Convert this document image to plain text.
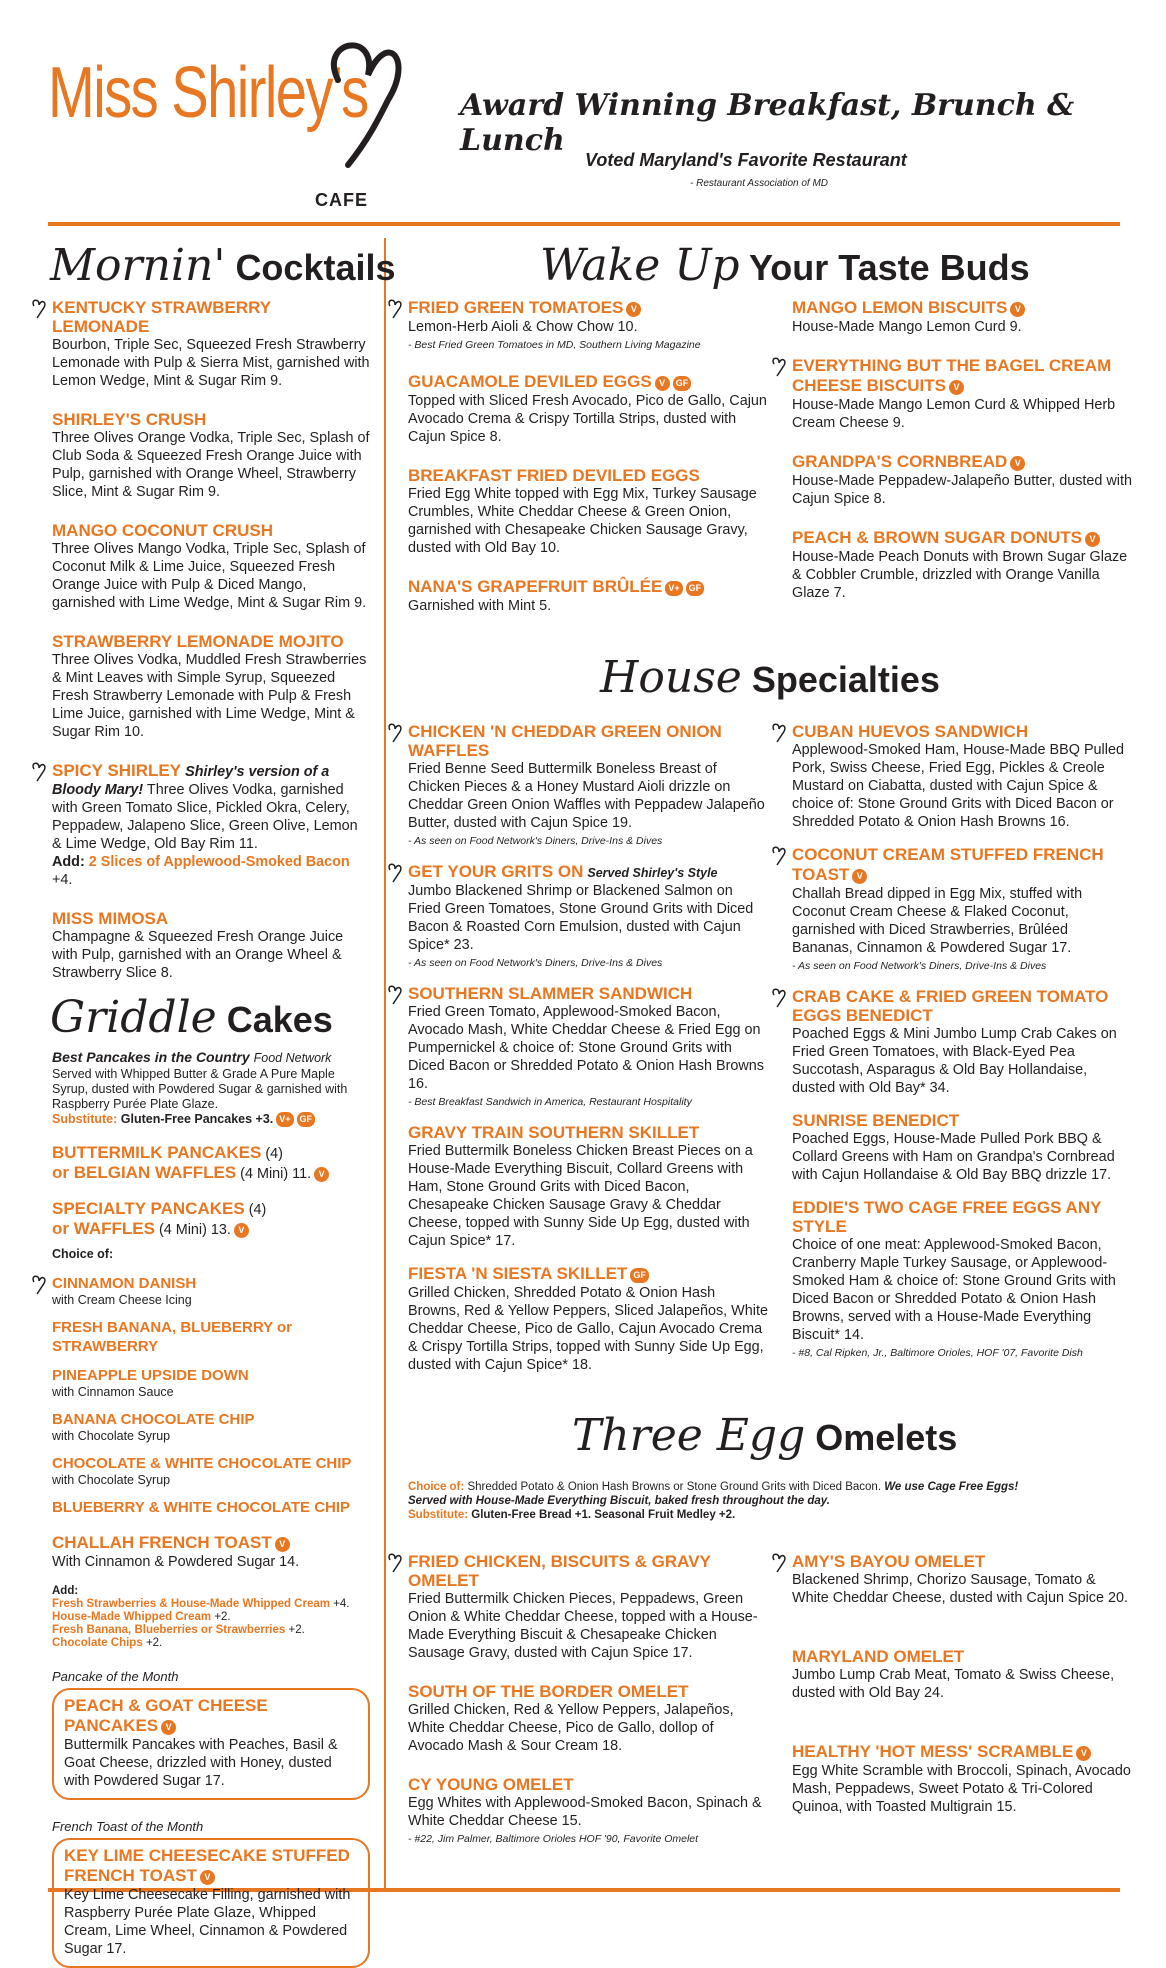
Miss Shirley's
CAFE
Award Winning Breakfast, Brunch & Lunch
Voted Maryland's Favorite Restaurant
- Restaurant Association of MD
Mornin' Cocktails	Wake Up Your Taste Buds
Griddle Cakes
House Specialties
Three Egg Omelets
KENTUCKY STRAWBERRY LEMONADE
Bourbon, Triple Sec, Squeezed Fresh Strawberry Lemonade with Pulp & Sierra Mist, garnished with Lemon Wedge, Mint & Sugar Rim 9.
SHIRLEY'S CRUSH
Three Olives Orange Vodka, Triple Sec, Splash of Club Soda & Squeezed Fresh Orange Juice with Pulp, garnished with Orange Wheel, Strawberry Slice, Mint & Sugar Rim 9.
MANGO COCONUT CRUSH
Three Olives Mango Vodka, Triple Sec, Splash of Coconut Milk & Lime Juice, Squeezed Fresh Orange Juice with Pulp & Diced Mango, garnished with Lime Wedge, Mint & Sugar Rim 9.
STRAWBERRY LEMONADE MOJITO
Three Olives Vodka, Muddled Fresh Strawberries & Mint Leaves with Simple Syrup, Squeezed Fresh Strawberry Lemonade with Pulp & Fresh Lime Juice, garnished with Lime Wedge, Mint & Sugar Rim 10.
SPICY SHIRLEY Shirley's version of a Bloody Mary! Three Olives Vodka, garnished with Green Tomato Slice, Pickled Okra, Celery, Peppadew, Jalapeno Slice, Green Olive, Lemon & Lime Wedge, Old Bay Rim 11.
Add: 2 Slices of Applewood-Smoked Bacon +4.
MISS MIMOSA
Champagne & Squeezed Fresh Orange Juice with Pulp, garnished with an Orange Wheel & Strawberry Slice 8.
Best Pancakes in the Country Food Network
Served with Whipped Butter & Grade A Pure Maple Syrup, dusted with Powdered Sugar & garnished with Raspberry Purée Plate Glaze.
Substitute: Gluten-Free Pancakes +3. V+ GF
BUTTERMILK PANCAKES (4)
or BELGIAN WAFFLES (4 Mini) 11. V
SPECIALTY PANCAKES (4)
or WAFFLES (4 Mini) 13. V
Choice of:
CINNAMON DANISH
with Cream Cheese Icing
FRESH BANANA, BLUEBERRY or STRAWBERRY
PINEAPPLE UPSIDE DOWN
with Cinnamon Sauce
BANANA CHOCOLATE CHIP
with Chocolate Syrup
CHOCOLATE & WHITE CHOCOLATE CHIP
with Chocolate Syrup
BLUEBERRY & WHITE CHOCOLATE CHIP
CHALLAH FRENCH TOAST V
With Cinnamon & Powdered Sugar 14.
Add:
Fresh Strawberries & House-Made Whipped Cream +4.
House-Made Whipped Cream +2.
Fresh Banana, Blueberries or Strawberries +2.
Chocolate Chips +2.
Pancake of the Month
PEACH & GOAT CHEESE PANCAKES V
Buttermilk Pancakes with Peaches, Basil & Goat Cheese, drizzled with Honey, dusted with Powdered Sugar 17.
French Toast of the Month
KEY LIME CHEESECAKE STUFFED FRENCH TOAST V
Key Lime Cheesecake Filling, garnished with Raspberry Purée Plate Glaze, Whipped Cream, Lime Wheel, Cinnamon & Powdered Sugar 17.
FRIED GREEN TOMATOES V
Lemon-Herb Aioli & Chow Chow 10.
- Best Fried Green Tomatoes in MD, Southern Living Magazine
GUACAMOLE DEVILED EGGS V GF
Topped with Sliced Fresh Avocado, Pico de Gallo, Cajun Avocado Crema & Crispy Tortilla Strips, dusted with Cajun Spice 8.
BREAKFAST FRIED DEVILED EGGS
Fried Egg White topped with Egg Mix, Turkey Sausage Crumbles, White Cheddar Cheese & Green Onion, garnished with Chesapeake Chicken Sausage Gravy, dusted with Old Bay 10.
NANA'S GRAPEFRUIT BRÛLÉE V+ GF
Garnished with Mint 5.
MANGO LEMON BISCUITS V
House-Made Mango Lemon Curd 9.
EVERYTHING BUT THE BAGEL CREAM CHEESE BISCUITS V
House-Made Mango Lemon Curd & Whipped Herb Cream Cheese 9.
GRANDPA'S CORNBREAD V
House-Made Peppadew-Jalapeño Butter, dusted with Cajun Spice 8.
PEACH & BROWN SUGAR DONUTS V
House-Made Peach Donuts with Brown Sugar Glaze & Cobbler Crumble, drizzled with Orange Vanilla Glaze 7.
CHICKEN 'N CHEDDAR GREEN ONION WAFFLES
Fried Benne Seed Buttermilk Boneless Breast of Chicken Pieces & a Honey Mustard Aioli drizzle on Cheddar Green Onion Waffles with Peppadew Jalapeño Butter, dusted with Cajun Spice 19.
- As seen on Food Network's Diners, Drive-Ins & Dives
GET YOUR GRITS ON Served Shirley's Style
Jumbo Blackened Shrimp or Blackened Salmon on Fried Green Tomatoes, Stone Ground Grits with Diced Bacon & Roasted Corn Emulsion, dusted with Cajun Spice* 23.
- As seen on Food Network's Diners, Drive-Ins & Dives
SOUTHERN SLAMMER SANDWICH
Fried Green Tomato, Applewood-Smoked Bacon, Avocado Mash, White Cheddar Cheese & Fried Egg on Pumpernickel & choice of: Stone Ground Grits with Diced Bacon or Shredded Potato & Onion Hash Browns 16.
- Best Breakfast Sandwich in America, Restaurant Hospitality
GRAVY TRAIN SOUTHERN SKILLET
Fried Buttermilk Boneless Chicken Breast Pieces on a House-Made Everything Biscuit, Collard Greens with Ham, Stone Ground Grits with Diced Bacon, Chesapeake Chicken Sausage Gravy & Cheddar Cheese, topped with Sunny Side Up Egg, dusted with Cajun Spice* 17.
FIESTA 'N SIESTA SKILLET GF
Grilled Chicken, Shredded Potato & Onion Hash Browns, Red & Yellow Peppers, Sliced Jalapeños, White Cheddar Cheese, Pico de Gallo, Cajun Avocado Crema & Crispy Tortilla Strips, topped with Sunny Side Up Egg, dusted with Cajun Spice* 18.
CUBAN HUEVOS SANDWICH
Applewood-Smoked Ham, House-Made BBQ Pulled Pork, Swiss Cheese, Fried Egg, Pickles & Creole Mustard on Ciabatta, dusted with Cajun Spice & choice of: Stone Ground Grits with Diced Bacon or Shredded Potato & Onion Hash Browns 16.
COCONUT CREAM STUFFED FRENCH TOAST V
Challah Bread dipped in Egg Mix, stuffed with Coconut Cream Cheese & Flaked Coconut, garnished with Diced Strawberries, Brûléed Bananas, Cinnamon & Powdered Sugar 17.
- As seen on Food Network's Diners, Drive-Ins & Dives
CRAB CAKE & FRIED GREEN TOMATO EGGS BENEDICT
Poached Eggs & Mini Jumbo Lump Crab Cakes on Fried Green Tomatoes, with Black-Eyed Pea Succotash, Asparagus & Old Bay Hollandaise, dusted with Old Bay* 34.
SUNRISE BENEDICT
Poached Eggs, House-Made Pulled Pork BBQ & Collard Greens with Ham on Grandpa's Cornbread with Cajun Hollandaise & Old Bay BBQ drizzle 17.
EDDIE'S TWO CAGE FREE EGGS ANY STYLE
Choice of one meat: Applewood-Smoked Bacon, Cranberry Maple Turkey Sausage, or Applewood-Smoked Ham & choice of: Stone Ground Grits with Diced Bacon or Shredded Potato & Onion Hash Browns, served with a House-Made Everything Biscuit* 14.
- #8, Cal Ripken, Jr., Baltimore Orioles, HOF '07, Favorite Dish
Choice of: Shredded Potato & Onion Hash Browns or Stone Ground Grits with Diced Bacon. We use Cage Free Eggs!
Served with House-Made Everything Biscuit, baked fresh throughout the day.
Substitute: Gluten-Free Bread +1. Seasonal Fruit Medley +2.
FRIED CHICKEN, BISCUITS & GRAVY OMELET
Fried Buttermilk Chicken Pieces, Peppadews, Green Onion & White Cheddar Cheese, topped with a House-Made Everything Biscuit & Chesapeake Chicken Sausage Gravy, dusted with Cajun Spice 17.
SOUTH OF THE BORDER OMELET
Grilled Chicken, Red & Yellow Peppers, Jalapeños, White Cheddar Cheese, Pico de Gallo, dollop of Avocado Mash & Sour Cream 18.
CY YOUNG OMELET
Egg Whites with Applewood-Smoked Bacon, Spinach & White Cheddar Cheese 15.
- #22, Jim Palmer, Baltimore Orioles HOF '90, Favorite Omelet
AMY'S BAYOU OMELET
Blackened Shrimp, Chorizo Sausage, Tomato & White Cheddar Cheese, dusted with Cajun Spice 20.
MARYLAND OMELET
Jumbo Lump Crab Meat, Tomato & Swiss Cheese, dusted with Old Bay 24.
HEALTHY 'HOT MESS' SCRAMBLE V
Egg White Scramble with Broccoli, Spinach, Avocado Mash, Peppadews, Sweet Potato & Tri-Colored Quinoa, with Toasted Multigrain 15.
